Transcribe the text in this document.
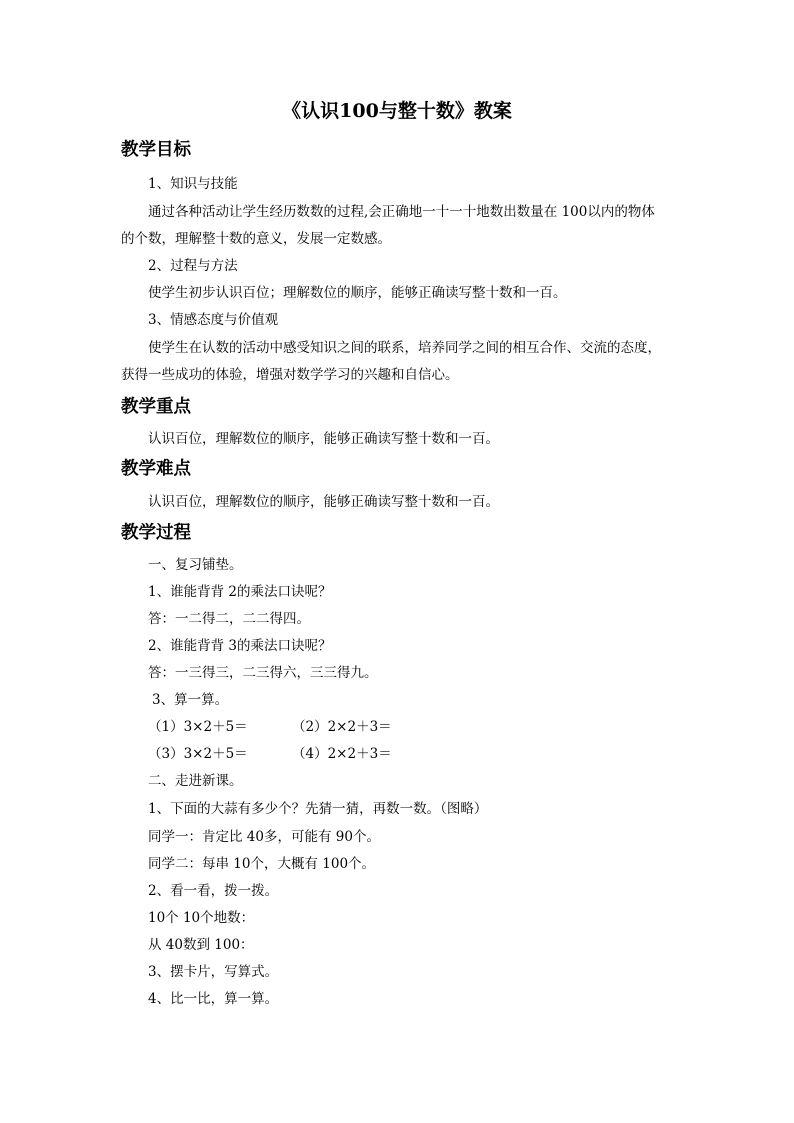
《认识100与整十数》教案
教学目标
1、知识与技能
通过各种活动让学生经历数数的过程,会正确地一十一十地数出数量在 100以内的物体
的个数，理解整十数的意义，发展一定数感。
2、过程与方法
使学生初步认识百位；理解数位的顺序，能够正确读写整十数和一百。
3、情感态度与价值观
使学生在认数的活动中感受知识之间的联系，培养同学之间的相互合作、交流的态度，
获得一些成功的体验，增强对数学学习的兴趣和自信心。
教学重点
认识百位，理解数位的顺序，能够正确读写整十数和一百。
教学难点
认识百位，理解数位的顺序，能够正确读写整十数和一百。
教学过程
一、复习铺垫。
1、谁能背背 2的乘法口诀呢？
答：一二得二，二二得四。
2、谁能背背 3的乘法口诀呢？
答：一三得三，二三得六，三三得九。
3、算一算。
（1）3×2＋5＝	（2）2×2＋3＝
（3）3×2＋5＝	（4）2×2＋3＝
二、走进新课。
1、下面的大蒜有多少个？先猜一猜，再数一数。（图略）
同学一：肯定比 40多，可能有 90个。
同学二：每串 10个，大概有 100个。
2、看一看，拨一拨。
10个 10个地数：
从 40数到 100：
3、摆卡片，写算式。
4、比一比，算一算。
